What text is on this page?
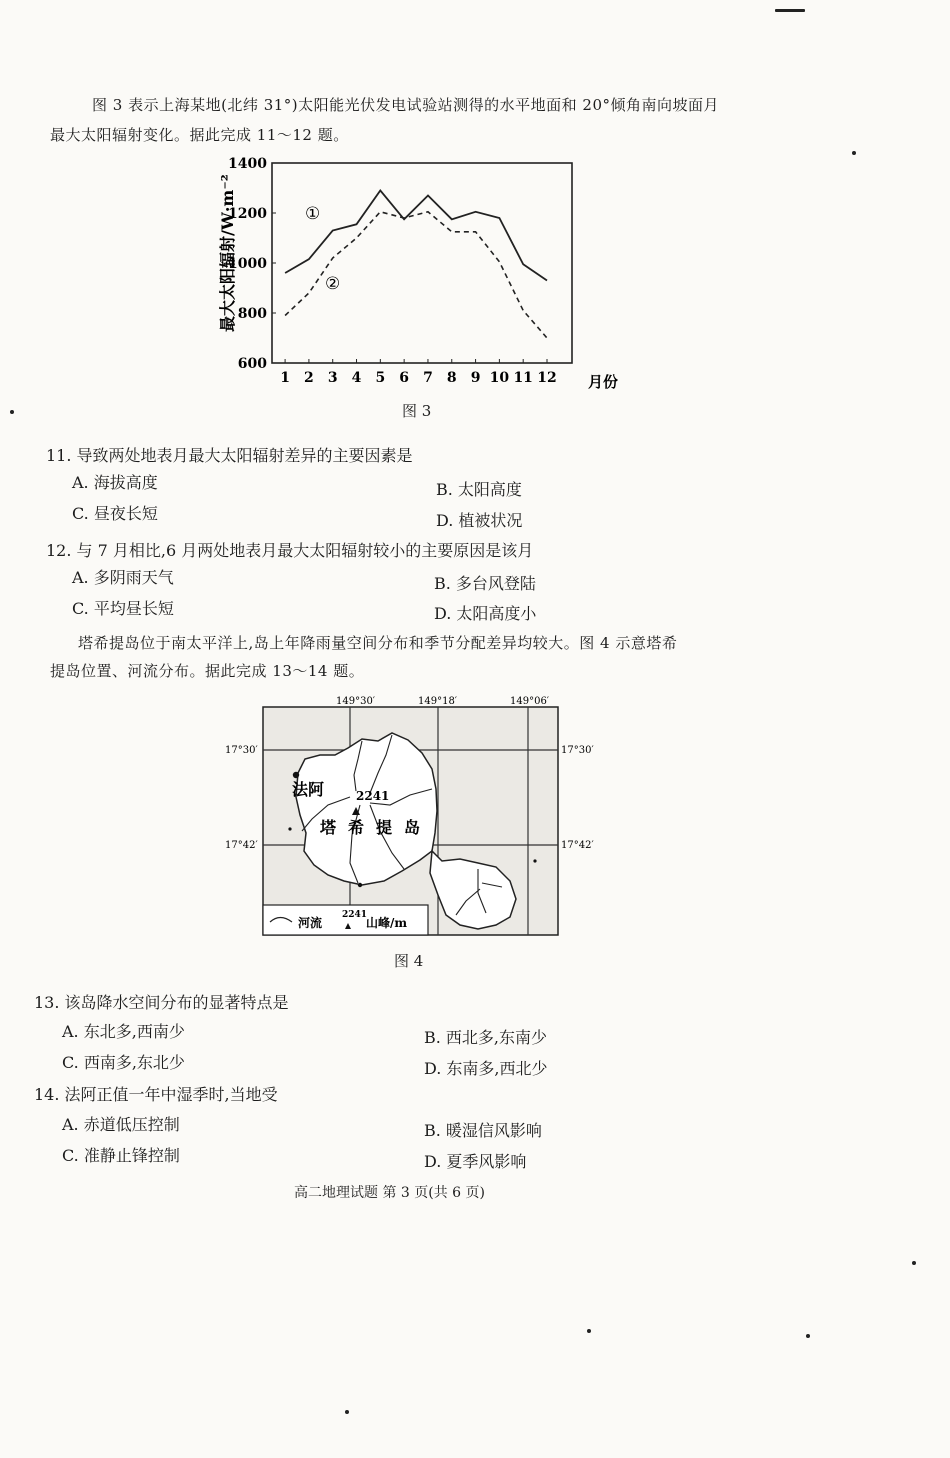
图 3 表示上海某地(北纬 31°)太阳能光伏发电试验站测得的水平地面和 20°倾角南向坡面月
最大太阳辐射变化。据此完成 11～12 题。
600
800
1000
1200
1400
1 2 3 4 5 6 7 8 9 10 11 12
①
②
最大太阳辐射/W·m⁻²
月份
图 3
11. 导致两处地表月最大太阳辐射差异的主要因素是
A. 海拔高度	B. 太阳高度
C. 昼夜长短	D. 植被状况
12. 与 7 月相比,6 月两处地表月最大太阳辐射较小的主要原因是该月
A. 多阴雨天气	B. 多台风登陆
C. 平均昼长短	D. 太阳高度小
塔希提岛位于南太平洋上,岛上年降雨量空间分布和季节分配差异均较大。图 4 示意塔希
提岛位置、河流分布。据此完成 13～14 题。
149°30′	149°18′	149°06′
17°30′	17°30′
17°42′	17°42′
法阿	2241
塔 希 提 岛
河流
2241
山峰/m
图 4
13. 该岛降水空间分布的显著特点是
A. 东北多,西南少	B. 西北多,东南少
C. 西南多,东北少	D. 东南多,西北少
14. 法阿正值一年中湿季时,当地受
A. 赤道低压控制	B. 暖湿信风影响
C. 准静止锋控制	D. 夏季风影响
高二地理试题 第 3 页(共 6 页)
